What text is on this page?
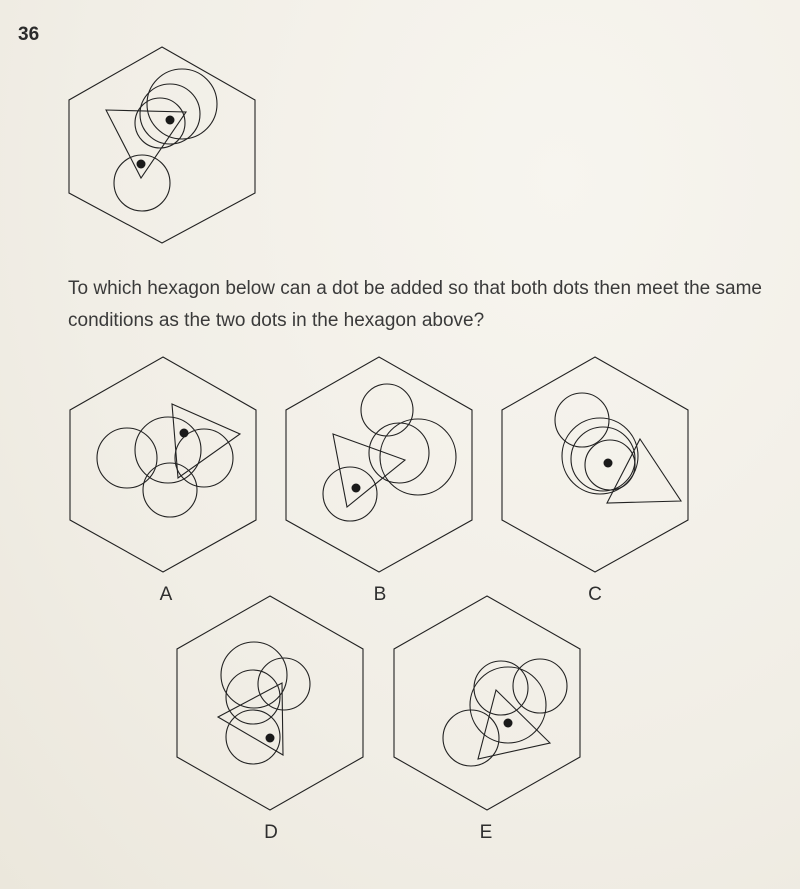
36
To which hexagon below can a dot be added so that both dots then meet the same conditions as the two dots in the hexagon above?
A	B	C
D	E
